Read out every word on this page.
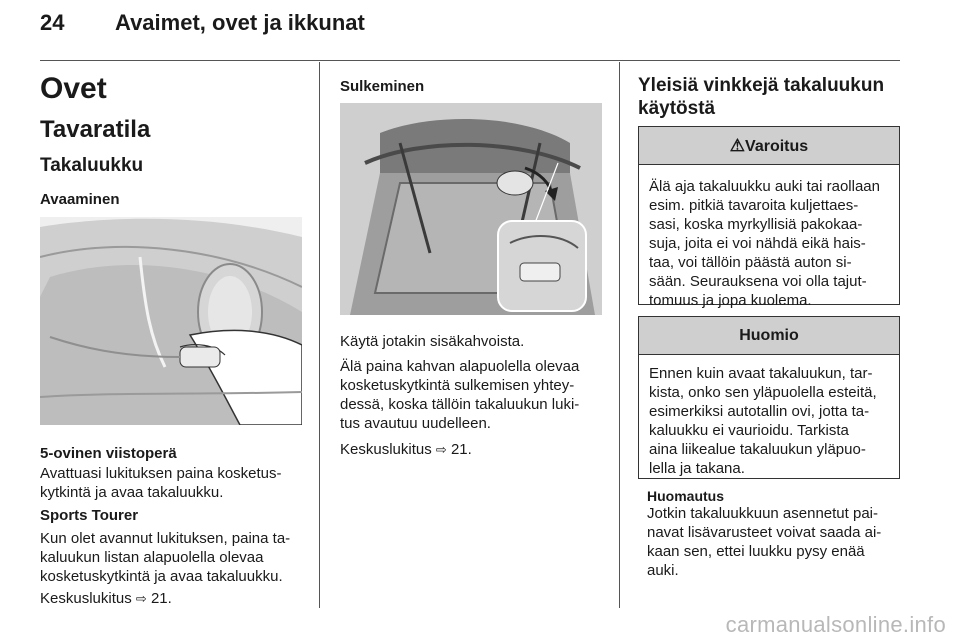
24 Avaimet, ovet ja ikkunat
Ovet
Tavaratila
Takaluukku
Avaaminen
5-ovinen viistoperä
Avattuasi lukituksen paina kosketus-
kytkintä ja avaa takaluukku.
Sports Tourer
Kun olet avannut lukituksen, paina ta-
kaluukun listan alapuolella olevaa
kosketuskytkintä ja avaa takaluukku.
Keskuslukitus ⇨ 21.
Sulkeminen
Käytä jotakin sisäkahvoista.
Älä paina kahvan alapuolella olevaa
kosketuskytkintä sulkemisen yhtey-
dessä, koska tällöin takaluukun luki-
tus avautuu uudelleen.
Keskuslukitus ⇨ 21.
Yleisiä vinkkejä takaluukun
käytöstä
⚠Varoitus
Älä aja takaluukku auki tai raollaan
esim. pitkiä tavaroita kuljettaes-
sasi, koska myrkyllisiä pakokaa-
suja, joita ei voi nähdä eikä hais-
taa, voi tällöin päästä auton si-
sään. Seurauksena voi olla tajut-
tomuus ja jopa kuolema.
Huomio
Ennen kuin avaat takaluukun, tar-
kista, onko sen yläpuolella esteitä,
esimerkiksi autotallin ovi, jotta ta-
kaluukku ei vaurioidu. Tarkista
aina liikealue takaluukun yläpuo-
lella ja takana.
Huomautus
Jotkin takaluukkuun asennetut pai-
navat lisävarusteet voivat saada ai-
kaan sen, ettei luukku pysy enää
auki.
carmanualsonline.info
